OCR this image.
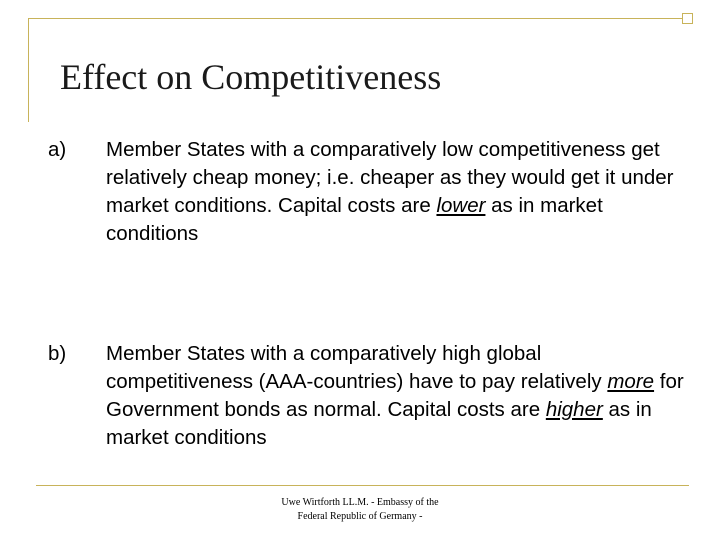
Effect on Competitiveness
a) Member States with a comparatively low competitiveness get relatively cheap money; i.e. cheaper as they would get it under market conditions. Capital costs are lower as in market conditions

b) Member States with a comparatively high global competitiveness (AAA-countries) have to pay relatively more for Government bonds as normal. Capital costs are higher as in market conditions

Uwe Wirtforth LL.M. - Embassy of the

Federal Republic of Germany -
